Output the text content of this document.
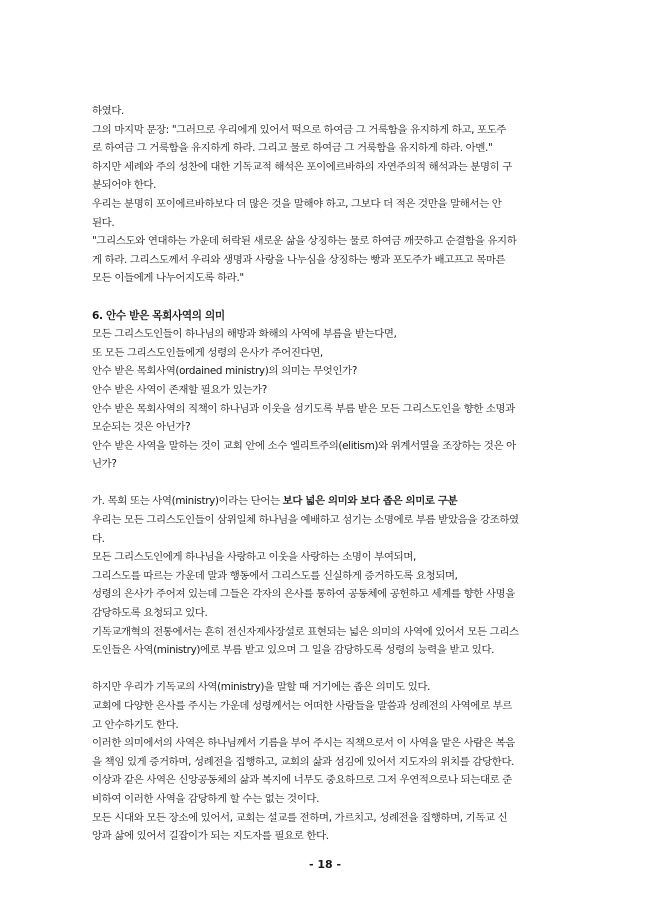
하였다.
그의 마지막 문장: "그러므로 우리에게 있어서 떡으로 하여금 그 거룩함을 유지하게 하고, 포도주
로 하여금 그 거룩함을 유지하게 하라. 그리고 물로 하여금 그 거룩함을 유지하게 하라. 아멘."
하지만 세례와 주의 성찬에 대한 기독교적 해석은 포이에르바하의 자연주의적 해석과는 분명히 구
분되어야 한다.
우리는 분명히 포이에르바하보다 더 많은 것을 말해야 하고, 그보다 더 적은 것만을 말해서는 안
된다.
"그리스도와 연대하는 가운데 허락된 새로운 삶을 상징하는 물로 하여금 깨끗하고 순결함을 유지하
게 하라. 그리스도께서 우리와 생명과 사랑을 나누심을 상징하는 빵과 포도주가 배고프고 목마른
모든 이들에게 나누어지도록 하라."
6. 안수 받은 목회사역의 의미
모든 그리스도인들이 하나님의 해방과 화해의 사역에 부름을 받는다면,
또 모든 그리스도인들에게 성령의 은사가 주어진다면,
안수 받은 목회사역(ordained ministry)의 의미는 무엇인가?
안수 받은 사역이 존재할 필요가 있는가?
안수 받은 목회사역의 직책이 하나님과 이웃을 섬기도록 부름 받은 모든 그리스도인을 향한 소명과
모순되는 것은 아닌가?
안수 받은 사역을 말하는 것이 교회 안에 소수 엘리트주의(elitism)와 위계서열을 조장하는 것은 아
닌가?
가. 목회 또는 사역(ministry)이라는 단어는 보다 넓은 의미와 보다 좁은 의미로 구분
우리는 모든 그리스도인들이 삼위일체 하나님을 예배하고 섬기는 소명에로 부름 받았음을 강조하였
다.
모든 그리스도인에게 하나님을 사랑하고 이웃을 사랑하는 소명이 부여되며,
그리스도를 따르는 가운데 말과 행동에서 그리스도를 신실하게 증거하도록 요청되며,
성령의 은사가 주어져 있는데 그들은 각자의 은사를 통하여 공동체에 공헌하고 세계를 향한 사명을
감당하도록 요청되고 있다.
기독교개혁의 전통에서는 흔히 전신자제사장설로 표현되는 넓은 의미의 사역에 있어서 모든 그리스
도인들은 사역(ministry)에로 부름 받고 있으며 그 일을 감당하도록 성령의 능력을 받고 있다.
하지만 우리가 기독교의 사역(ministry)을 말할 때 거기에는 좁은 의미도 있다.
교회에 다양한 은사를 주시는 가운데 성령께서는 어떠한 사람들을 말씀과 성례전의 사역에로 부르
고 안수하기도 한다.
이러한 의미에서의 사역은 하나님께서 기름을 부어 주시는 직책으로서 이 사역을 맡은 사람은 복음
을 책임 있게 증거하며, 성례전을 집행하고, 교회의 삶과 섬김에 있어서 지도자의 위치를 감당한다.
이상과 같은 사역은 신앙공동체의 삶과 복지에 너무도 중요하므로 그저 우연적으로나 되는대로 준
비하여 이러한 사역을 감당하게 할 수는 없는 것이다.
모든 시대와 모든 장소에 있어서, 교회는 설교를 전하며, 가르치고, 성례전을 집행하며, 기독교 신
앙과 삶에 있어서 길잡이가 되는 지도자를 필요로 한다.
- 18 -
